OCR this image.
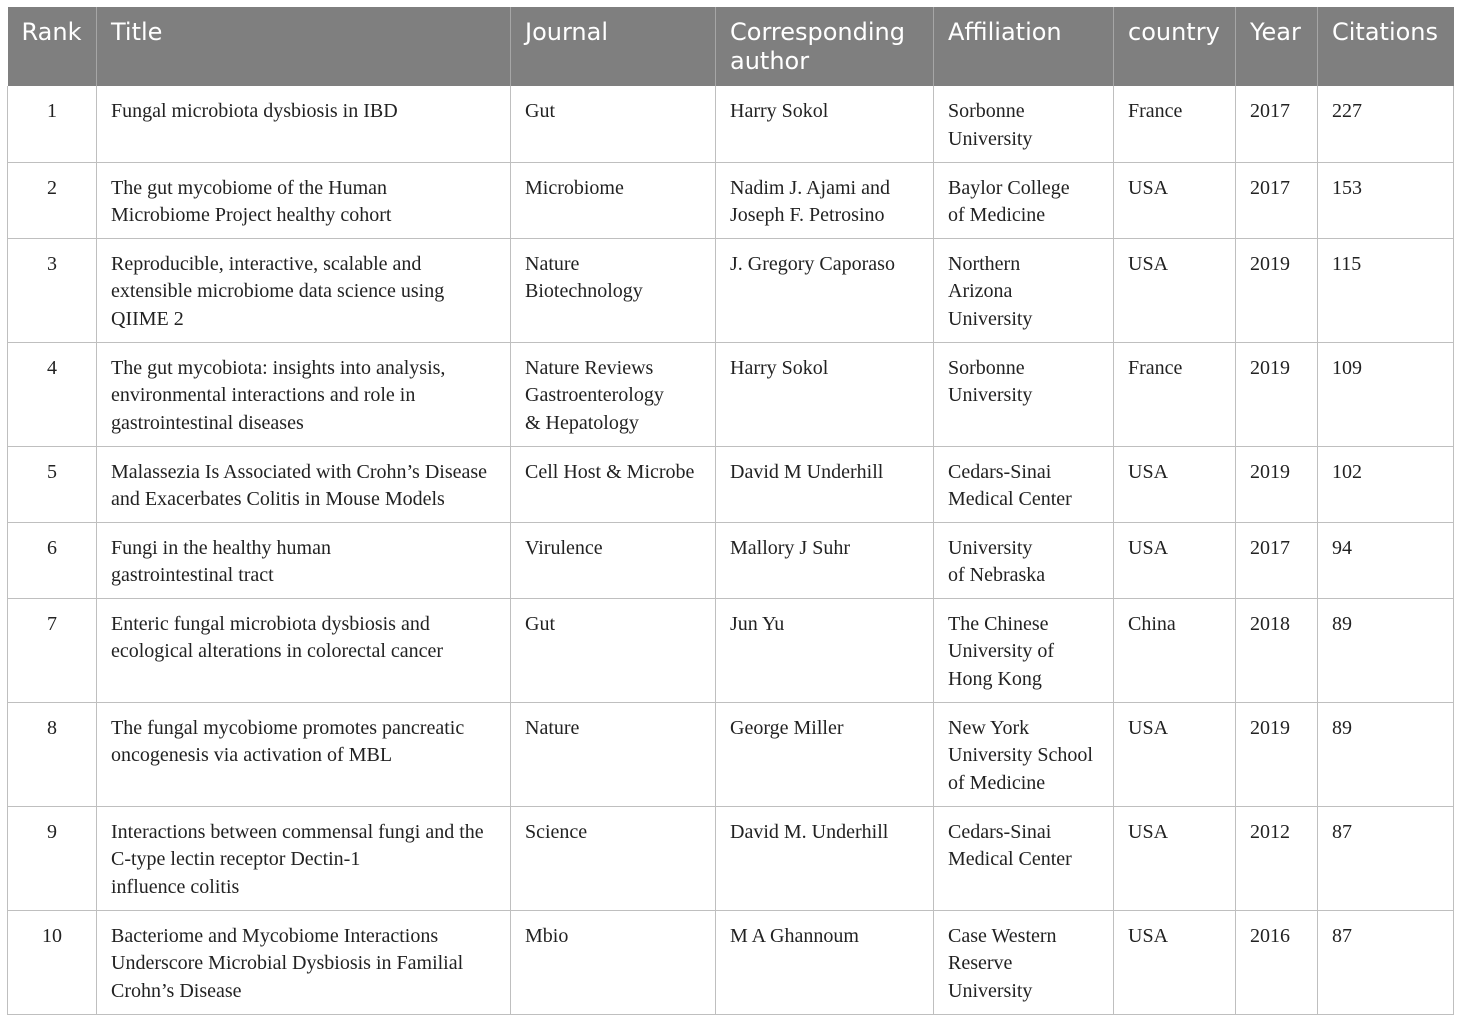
Rank	Title	Journal	Corresponding
author	Affiliation	country	Year	Citations
1	Fungal microbiota dysbiosis in IBD	Gut	Harry Sokol	Sorbonne
University	France	2017	227
2	The gut mycobiome of the Human
Microbiome Project healthy cohort	Microbiome	Nadim J. Ajami and
Joseph F. Petrosino	Baylor College
of Medicine	USA	2017	153
3	Reproducible, interactive, scalable and
extensible microbiome data science using
QIIME 2	Nature
Biotechnology	J. Gregory Caporaso	Northern
Arizona
University	USA	2019	115
4	The gut mycobiota: insights into analysis,
environmental interactions and role in
gastrointestinal diseases	Nature Reviews
Gastroenterology
& Hepatology	Harry Sokol	Sorbonne
University	France	2019	109
5	Malassezia Is Associated with Crohn’s Disease
and Exacerbates Colitis in Mouse Models	Cell Host & Microbe	David M Underhill	Cedars-Sinai
Medical Center	USA	2019	102
6	Fungi in the healthy human
gastrointestinal tract	Virulence	Mallory J Suhr	University
of Nebraska	USA	2017	94
7	Enteric fungal microbiota dysbiosis and
ecological alterations in colorectal cancer	Gut	Jun Yu	The Chinese
University of
Hong Kong	China	2018	89
8	The fungal mycobiome promotes pancreatic
oncogenesis via activation of MBL	Nature	George Miller	New York
University School
of Medicine	USA	2019	89
9	Interactions between commensal fungi and the
C-type lectin receptor Dectin-1
influence colitis	Science	David M. Underhill	Cedars-Sinai
Medical Center	USA	2012	87
10	Bacteriome and Mycobiome Interactions
Underscore Microbial Dysbiosis in Familial
Crohn’s Disease	Mbio	M A Ghannoum	Case Western
Reserve
University	USA	2016	87
